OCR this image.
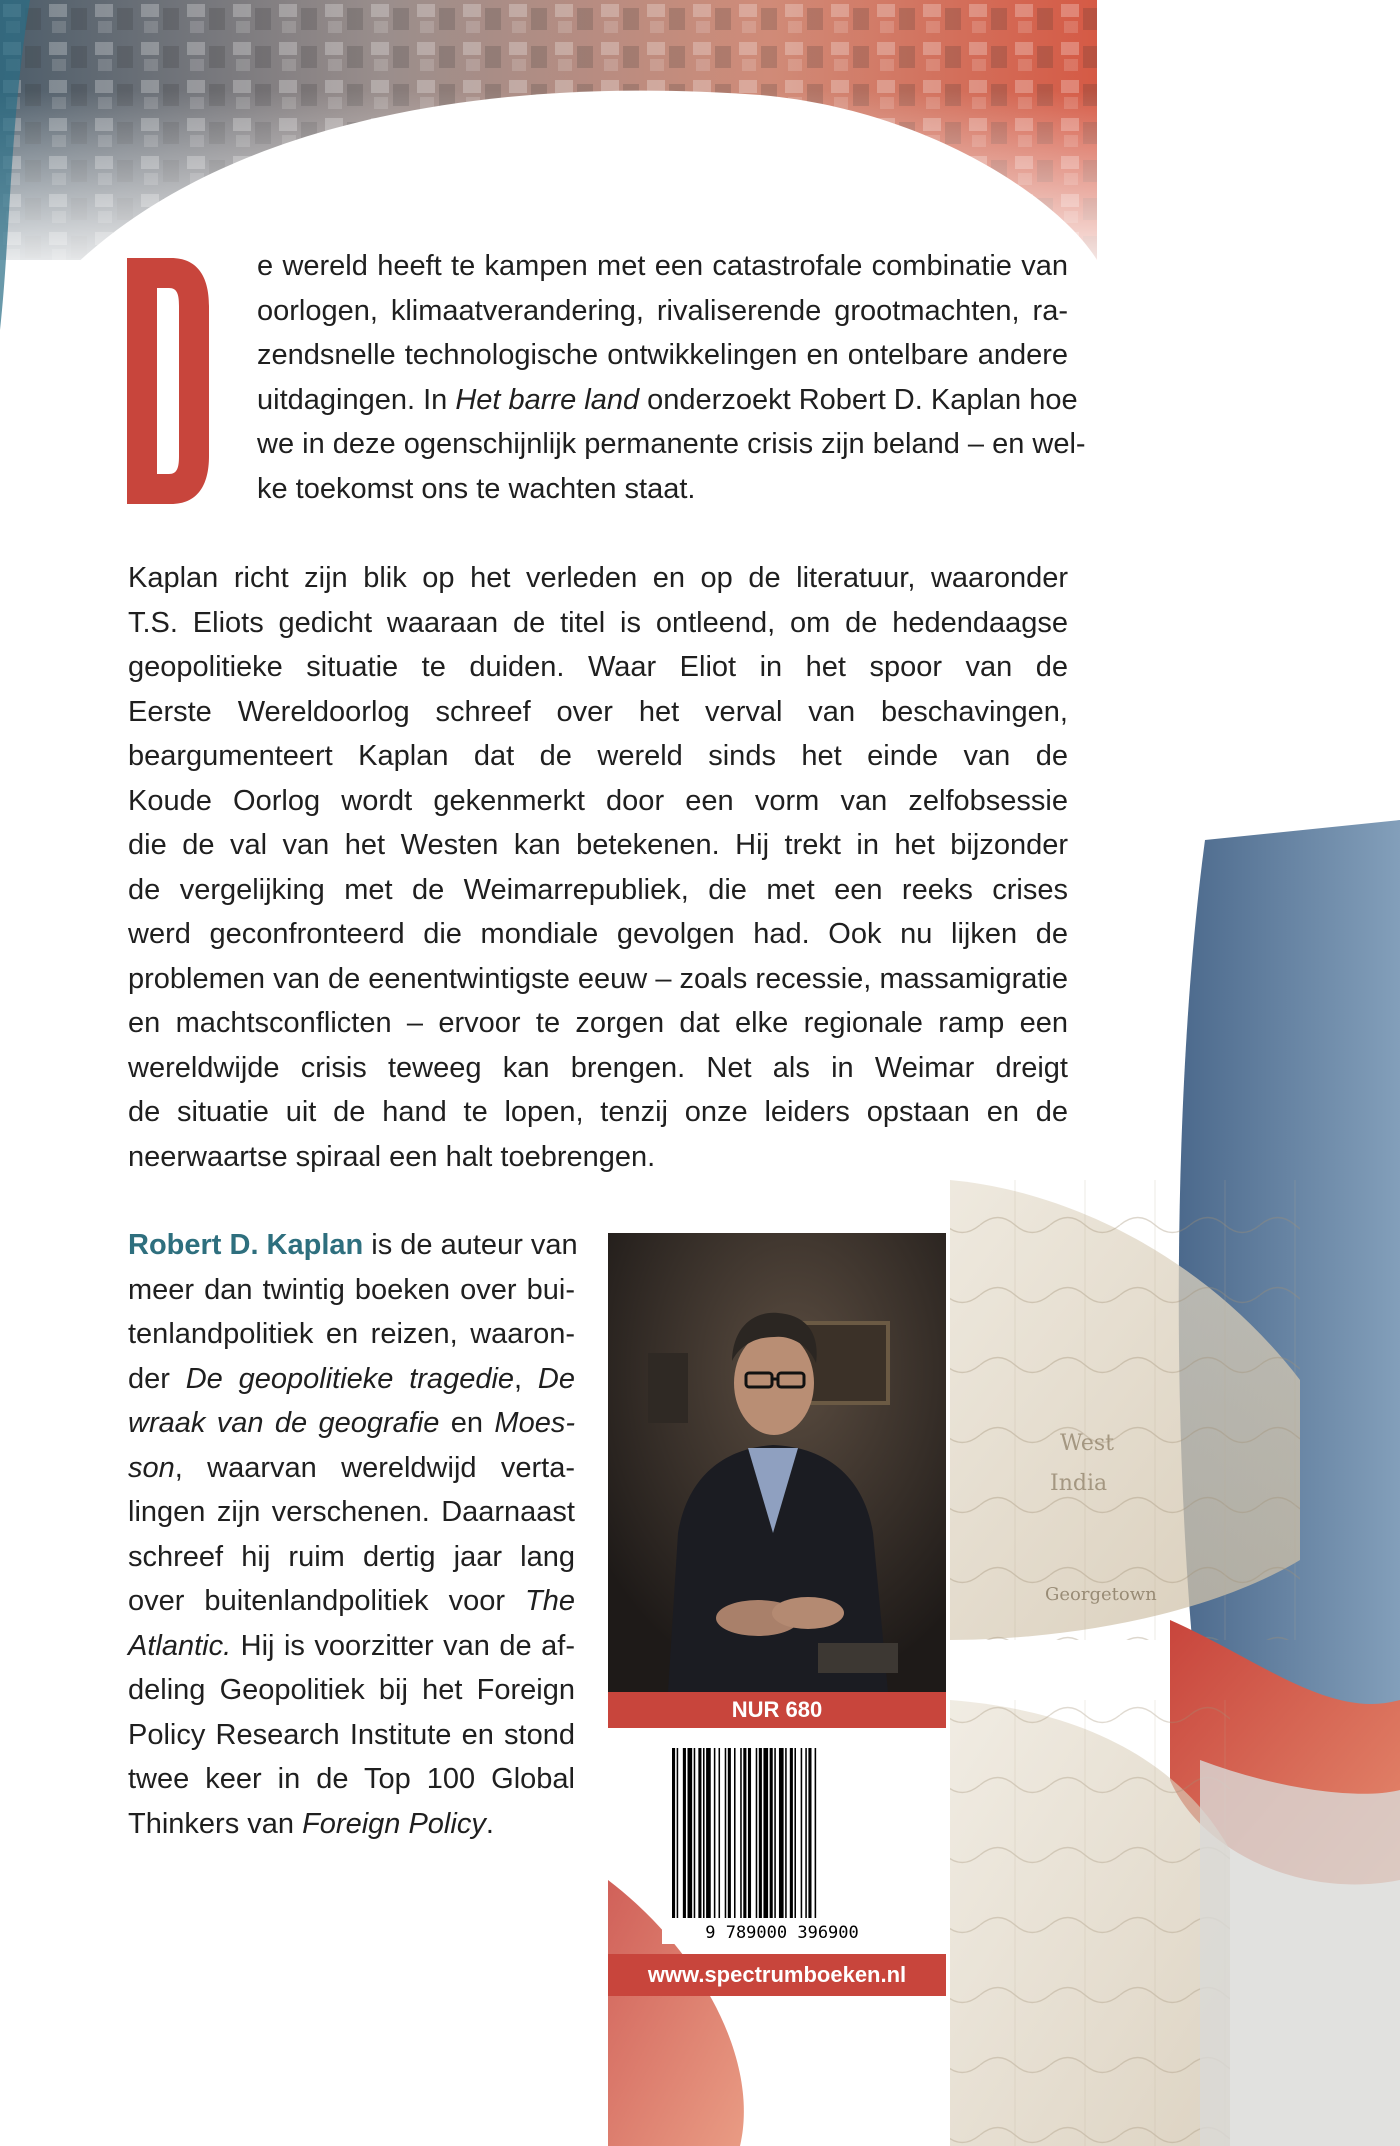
West
India
Georgetown
e wereld heeft te kampen met een catastrofale combinatie van
oorlogen, klimaatverandering, rivaliserende grootmachten, ra-
zendsnelle technologische ontwikkelingen en ontelbare andere
uitdagingen. In Het barre land onderzoekt Robert D. Kaplan hoe
we in deze ogenschijnlijk permanente crisis zijn beland – en wel-
ke toekomst ons te wachten staat.
Kaplan richt zijn blik op het verleden en op de literatuur, waaronder
T.S. Eliots gedicht waaraan de titel is ontleend, om de hedendaagse
geopolitieke situatie te duiden. Waar Eliot in het spoor van de
Eerste Wereldoorlog schreef over het verval van beschavingen,
beargumenteert Kaplan dat de wereld sinds het einde van de
Koude Oorlog wordt gekenmerkt door een vorm van zelfobsessie
die de val van het Westen kan betekenen. Hij trekt in het bijzonder
de vergelijking met de Weimarrepubliek, die met een reeks crises
werd geconfronteerd die mondiale gevolgen had. Ook nu lijken de
problemen van de eenentwintigste eeuw – zoals recessie, massamigratie
en machtsconflicten – ervoor te zorgen dat elke regionale ramp een
wereldwijde crisis teweeg kan brengen. Net als in Weimar dreigt
de situatie uit de hand te lopen, tenzij onze leiders opstaan en de
neerwaartse spiraal een halt toebrengen.
Robert D. Kaplan is de auteur van
meer dan twintig boeken over bui-
tenlandpolitiek en reizen, waaron-
der De geopolitieke tragedie, De
wraak van de geografie en Moes-
son, waarvan wereldwijd verta-
lingen zijn verschenen. Daarnaast
schreef hij ruim dertig jaar lang
over buitenlandpolitiek voor The
Atlantic. Hij is voorzitter van de af-
deling Geopolitiek bij het Foreign
Policy Research Institute en stond
twee keer in de Top 100 Global
Thinkers van Foreign Policy.
NUR 680
9 789000 396900
www.spectrumboeken.nl
